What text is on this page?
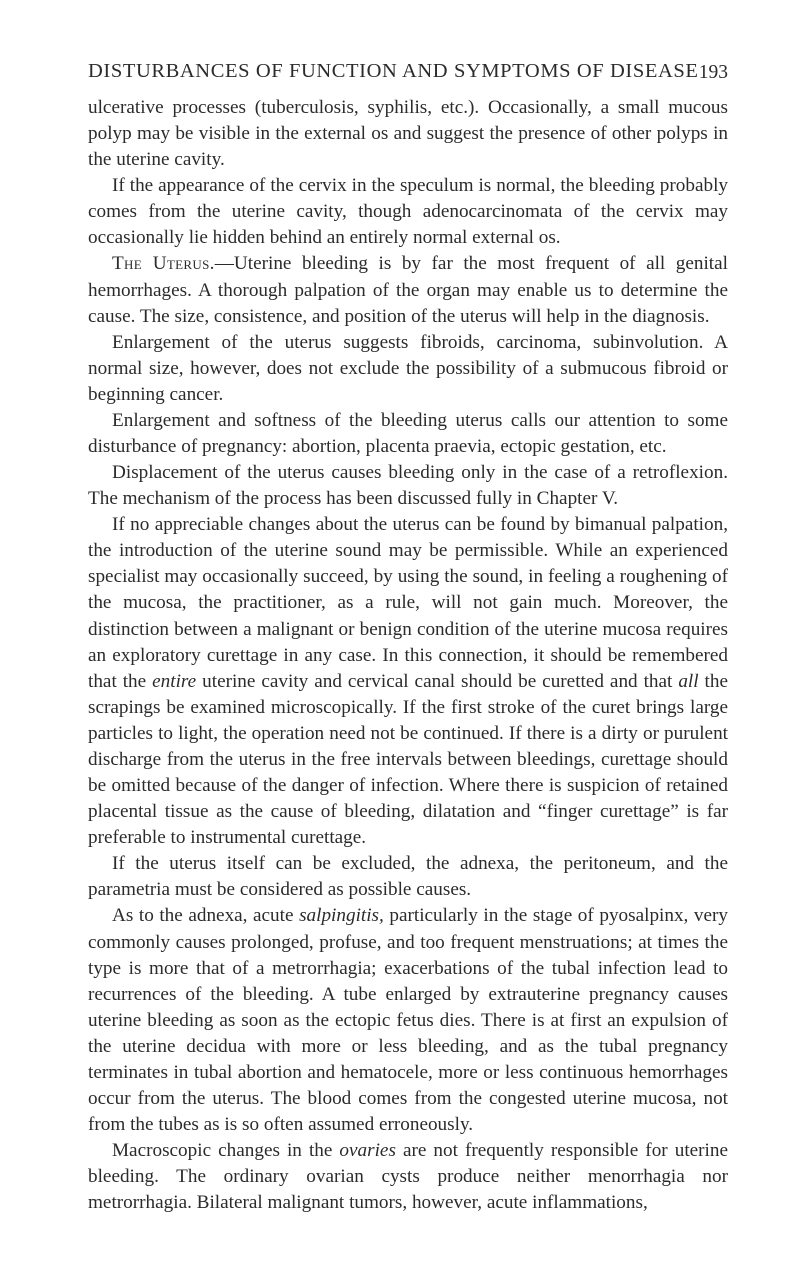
DISTURBANCES OF FUNCTION AND SYMPTOMS OF DISEASE 193

ulcerative processes (tuberculosis, syphilis, etc.). Occasionally, a small mucous polyp may be visible in the external os and suggest the presence of other polyps in the uterine cavity.

If the appearance of the cervix in the speculum is normal, the bleeding probably comes from the uterine cavity, though adenocarcinomata of the cervix may occasionally lie hidden behind an entirely normal external os.

The Uterus.—Uterine bleeding is by far the most frequent of all genital hemorrhages. A thorough palpation of the organ may enable us to determine the cause. The size, consistence, and position of the uterus will help in the diagnosis.

Enlargement of the uterus suggests fibroids, carcinoma, subinvolution. A normal size, however, does not exclude the possibility of a submucous fibroid or beginning cancer.

Enlargement and softness of the bleeding uterus calls our attention to some disturbance of pregnancy: abortion, placenta praevia, ectopic gestation, etc.

Displacement of the uterus causes bleeding only in the case of a retroflexion. The mechanism of the process has been discussed fully in Chapter V.

If no appreciable changes about the uterus can be found by bimanual palpation, the introduction of the uterine sound may be permissible. While an experienced specialist may occasionally succeed, by using the sound, in feeling a roughening of the mucosa, the practitioner, as a rule, will not gain much. Moreover, the distinction between a malignant or benign condition of the uterine mucosa requires an exploratory curettage in any case. In this connection, it should be remembered that the entire uterine cavity and cervical canal should be curetted and that all the scrapings be examined microscopically. If the first stroke of the curet brings large particles to light, the operation need not be continued. If there is a dirty or purulent discharge from the uterus in the free intervals between bleedings, curettage should be omitted because of the danger of infection. Where there is suspicion of retained placental tissue as the cause of bleeding, dilatation and “finger curettage” is far preferable to instrumental curettage.

If the uterus itself can be excluded, the adnexa, the peritoneum, and the parametria must be considered as possible causes.

As to the adnexa, acute salpingitis, particularly in the stage of pyosalpinx, very commonly causes prolonged, profuse, and too frequent menstruations; at times the type is more that of a metrorrhagia; exacerbations of the tubal infection lead to recurrences of the bleeding. A tube enlarged by extrauterine pregnancy causes uterine bleeding as soon as the ectopic fetus dies. There is at first an expulsion of the uterine decidua with more or less bleeding, and as the tubal pregnancy terminates in tubal abortion and hematocele, more or less continuous hemorrhages occur from the uterus. The blood comes from the congested uterine mucosa, not from the tubes as is so often assumed erroneously.

Macroscopic changes in the ovaries are not frequently responsible for uterine bleeding. The ordinary ovarian cysts produce neither menorrhagia nor metrorrhagia. Bilateral malignant tumors, however, acute inflammations,
